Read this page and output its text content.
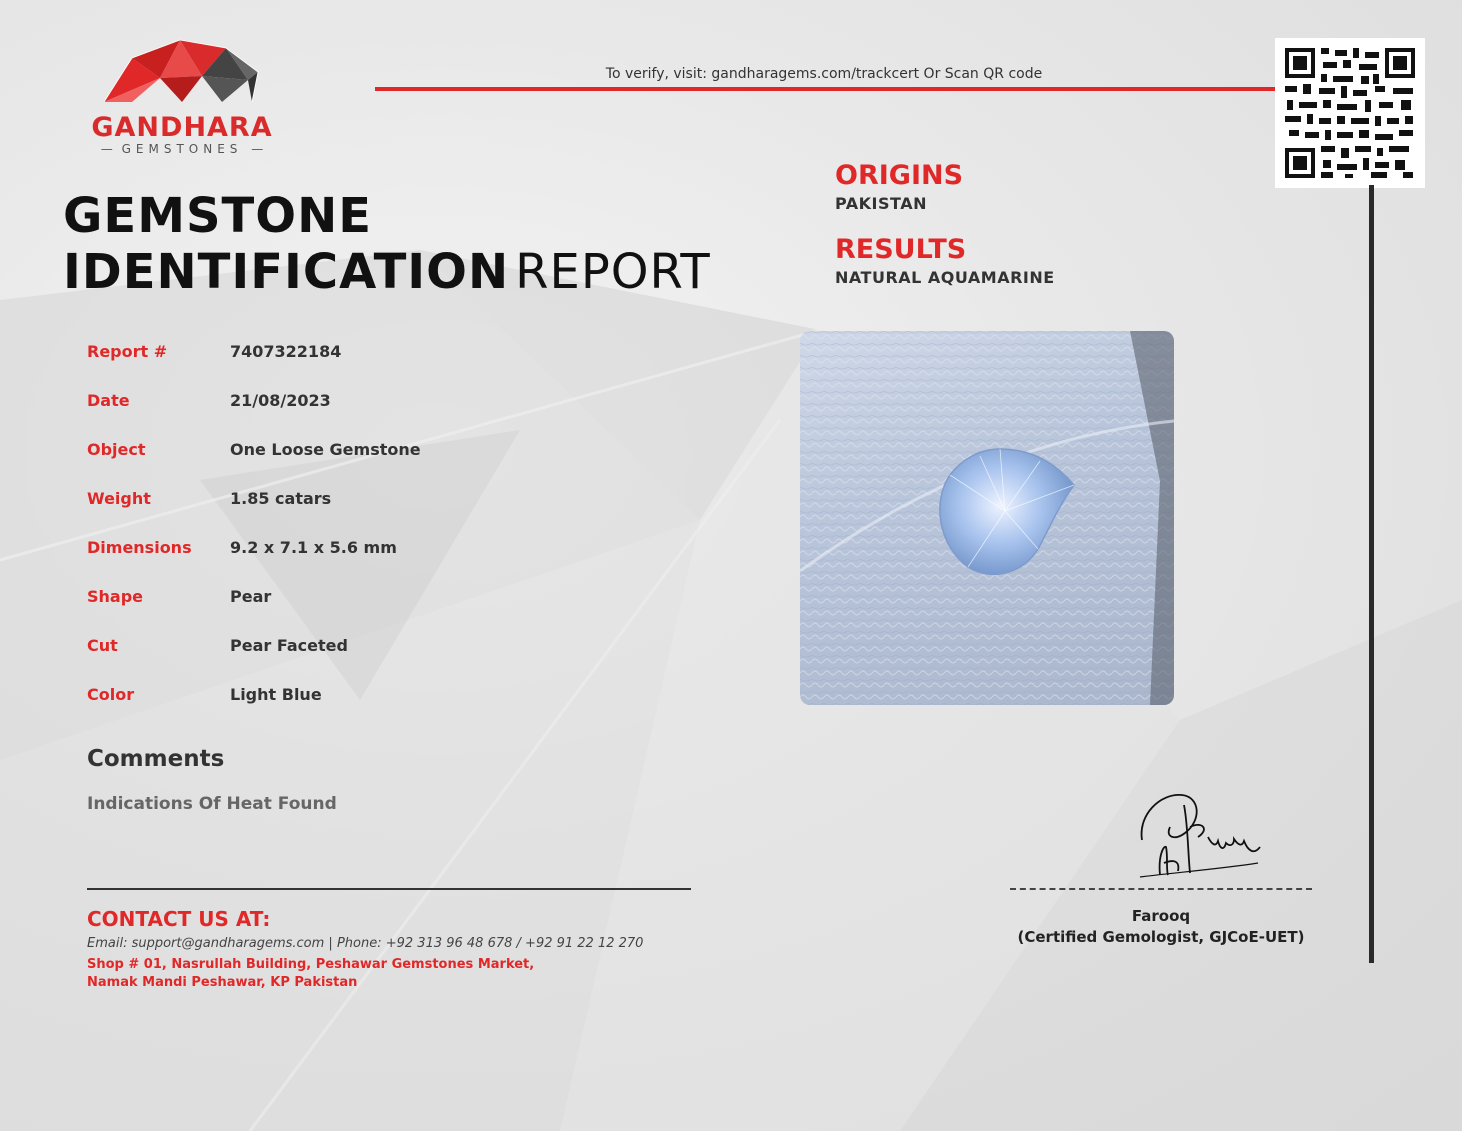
GANDHARA
— GEMSTONES —
To verify, visit: gandharagems.com/trackcert Or Scan QR code
GEMSTONE
IDENTIFICATION REPORT
ORIGINS
PAKISTAN
RESULTS
NATURAL AQUAMARINE
Report #	7407322184
Date	21/08/2023
Object	One Loose Gemstone
Weight	1.85 catars
Dimensions 9.2 x 7.1 x 5.6 mm
Shape	Pear
Cut	Pear Faceted
Color	Light Blue
Comments
Indications Of Heat Found
CONTACT US AT:
Email: support@gandharagems.com | Phone: +92 313 96 48 678 / +92 91 22 12 270
Shop # 01, Nasrullah Building, Peshawar Gemstones Market,
Namak Mandi Peshawar, KP Pakistan
Farooq
(Certified Gemologist, GJCoE-UET)
